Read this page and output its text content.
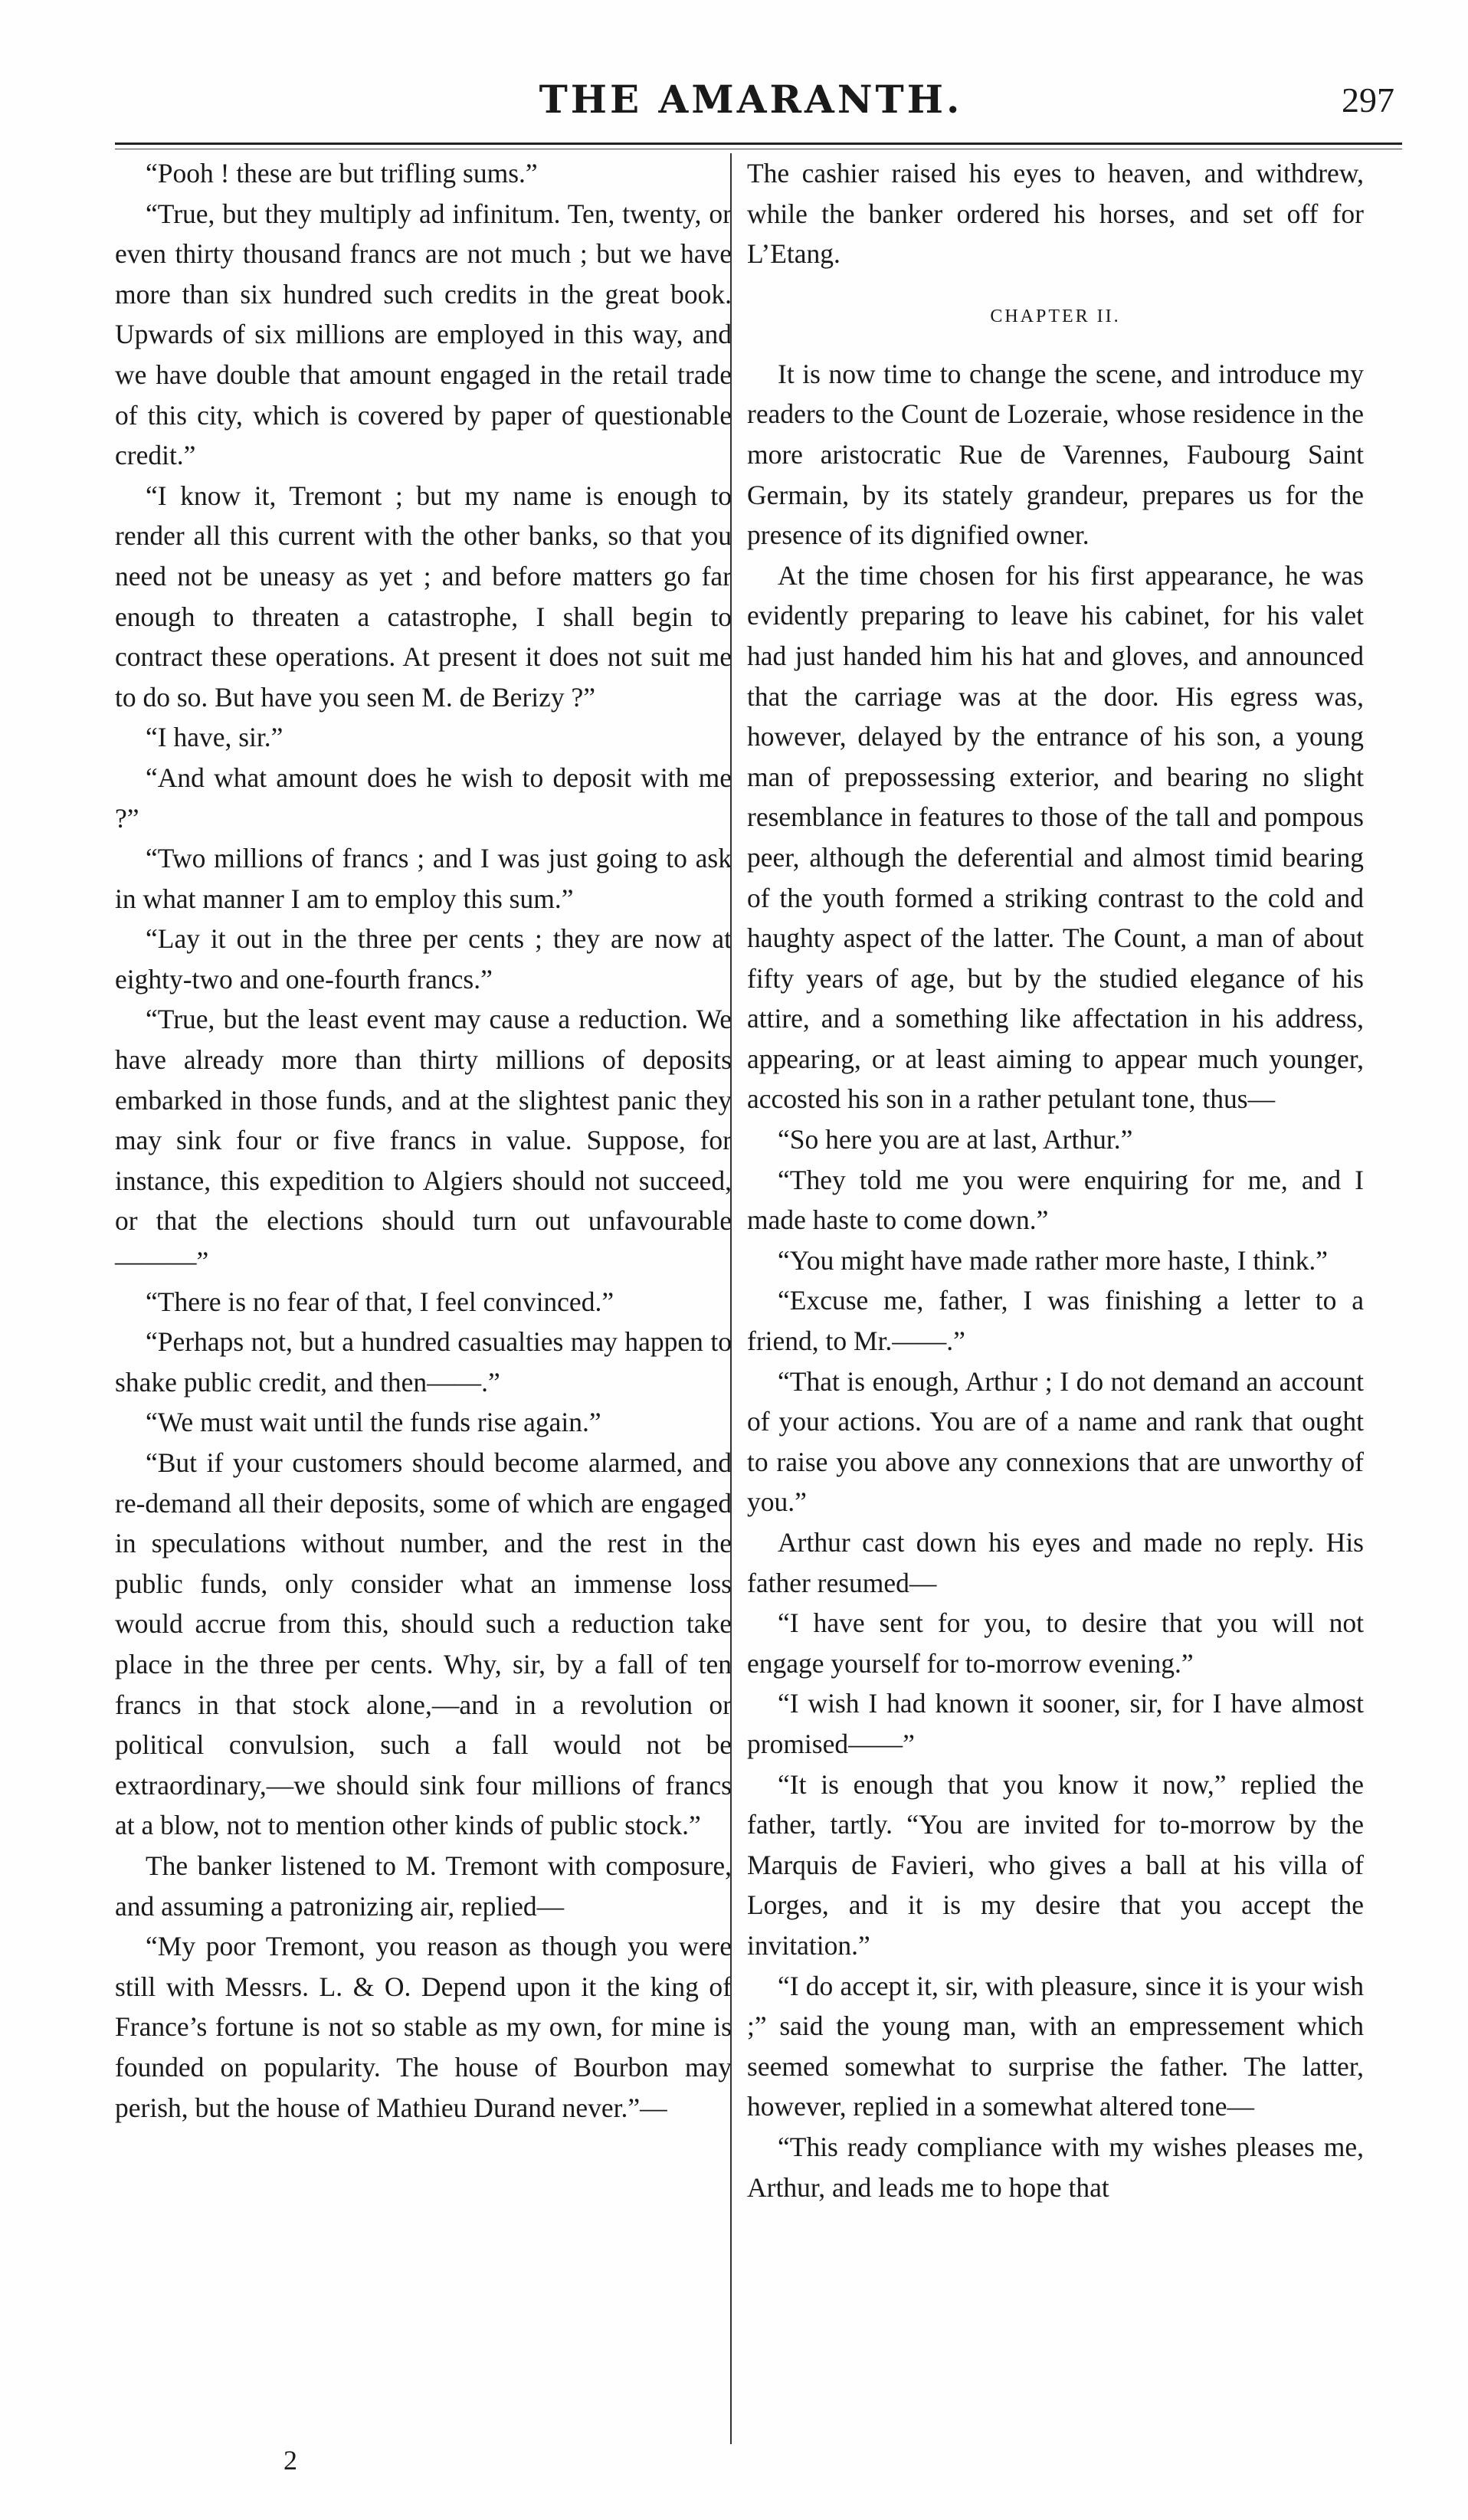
THE AMARANTH.	297

“Pooh ! these are but trifling sums.”

“True, but they multiply ad infinitum. Ten, twenty, or even thirty thousand francs are not much ; but we have more than six hundred such credits in the great book. Upwards of six millions are employed in this way, and we have double that amount engaged in the retail trade of this city, which is covered by paper of questionable credit.”

“I know it, Tremont ; but my name is enough to render all this current with the other banks, so that you need not be uneasy as yet ; and before matters go far enough to threaten a catastrophe, I shall begin to contract these operations. At present it does not suit me to do so. But have you seen M. de Berizy ?”

“I have, sir.”

“And what amount does he wish to deposit with me ?”

“Two millions of francs ; and I was just going to ask in what manner I am to employ this sum.”

“Lay it out in the three per cents ; they are now at eighty-two and one-fourth francs.”

“True, but the least event may cause a reduction. We have already more than thirty millions of deposits embarked in those funds, and at the slightest panic they may sink four or five francs in value. Suppose, for instance, this expedition to Algiers should not succeed, or that the elections should turn out unfavourable———”

“There is no fear of that, I feel convinced.”

“Perhaps not, but a hundred casualties may happen to shake public credit, and then——.”

“We must wait until the funds rise again.”

“But if your customers should become alarmed, and re-demand all their deposits, some of which are engaged in speculations without number, and the rest in the public funds, only consider what an immense loss would accrue from this, should such a reduction take place in the three per cents. Why, sir, by a fall of ten francs in that stock alone,—and in a revolution or political convulsion, such a fall would not be extraordinary,—we should sink four millions of francs at a blow, not to mention other kinds of public stock.”

The banker listened to M. Tremont with composure, and assuming a patronizing air, replied—

“My poor Tremont, you reason as though you were still with Messrs. L. & O. Depend upon it the king of France’s fortune is not so stable as my own, for mine is founded on popularity. The house of Bourbon may perish, but the house of Mathieu Durand never.”—

2

The cashier raised his eyes to heaven, and withdrew, while the banker ordered his horses, and set off for L’Etang.

CHAPTER II.

It is now time to change the scene, and introduce my readers to the Count de Lozeraie, whose residence in the more aristocratic Rue de Varennes, Faubourg Saint Germain, by its stately grandeur, prepares us for the presence of its dignified owner.

At the time chosen for his first appearance, he was evidently preparing to leave his cabinet, for his valet had just handed him his hat and gloves, and announced that the carriage was at the door. His egress was, however, delayed by the entrance of his son, a young man of prepossessing exterior, and bearing no slight resemblance in features to those of the tall and pompous peer, although the deferential and almost timid bearing of the youth formed a striking contrast to the cold and haughty aspect of the latter. The Count, a man of about fifty years of age, but by the studied elegance of his attire, and a something like affectation in his address, appearing, or at least aiming to appear much younger, accosted his son in a rather petulant tone, thus—

“So here you are at last, Arthur.”

“They told me you were enquiring for me, and I made haste to come down.”

“You might have made rather more haste, I think.”

“Excuse me, father, I was finishing a letter to a friend, to Mr.——.”

“That is enough, Arthur ; I do not demand an account of your actions. You are of a name and rank that ought to raise you above any connexions that are unworthy of you.”

Arthur cast down his eyes and made no reply. His father resumed—

“I have sent for you, to desire that you will not engage yourself for to-morrow evening.”

“I wish I had known it sooner, sir, for I have almost promised——”

“It is enough that you know it now,” replied the father, tartly. “You are invited for to-morrow by the Marquis de Favieri, who gives a ball at his villa of Lorges, and it is my desire that you accept the invitation.”

“I do accept it, sir, with pleasure, since it is your wish ;” said the young man, with an empressement which seemed somewhat to surprise the father. The latter, however, replied in a somewhat altered tone—

“This ready compliance with my wishes pleases me, Arthur, and leads me to hope that
